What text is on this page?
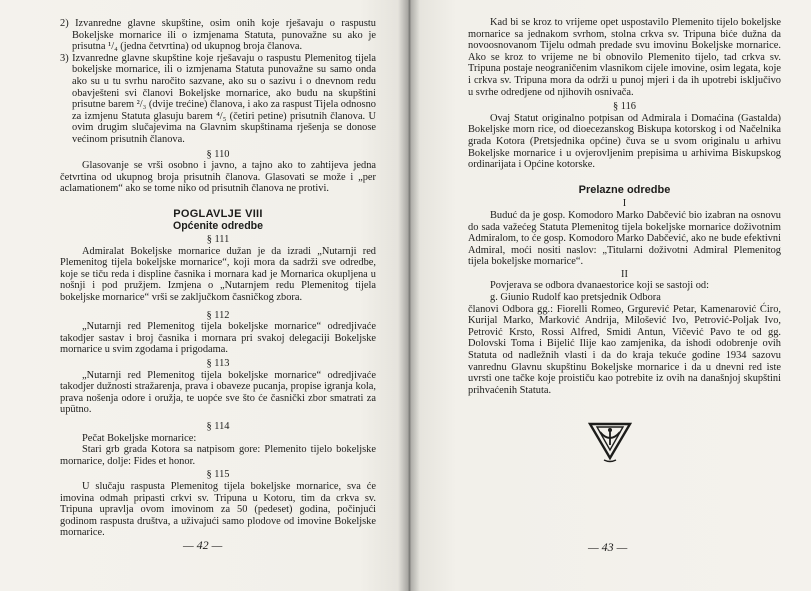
2) Izvanredne glavne skupštine, osim onih koje rješavaju o raspustu Bokeljske mornarice ili o izmjenama Statuta, punovažne su ako je prisutna ¹/₄ (jedna četvrtina) od ukupnog broja članova.

3) Izvanredne glavne skupštine koje rješavaju o raspustu Plemenitog tijela bokeljske mornarice, ili o izmjenama Statuta punovažne su samo onda ako su u tu svrhu naročito sazvane, ako su o sazivu i o dnevnom redu obavješteni svi članovi Bokeljske mornarice, ako budu na skupštini prisutne barem ²/₃ (dvije trećine) članova, i ako za raspust Tijela odnosno za izmjenu Statuta glasuju barem ⁴/₅ (četiri petine) prisutnih članova. U ovim drugim slučajevima na Glavnim skupštinama rješenja se donose većinom prisutnih članova.

§ 110

Glasovanje se vrši osobno i javno, a tajno ako to zahtijeva jedna četvrtina od ukupnog broja prisutnih članova. Glasovati se može i „per aclamationem“ ako se tome niko od prisutnih članova ne protivi.

POGLAVLJE VIII

Općenite odredbe

§ 111

Admiralat Bokeljske mornarice dužan je da izradi „Nutarnji red Plemenitog tijela bokeljske mornarice“, koji mora da sadrži sve odredbe, koje se tiču reda i displine časnika i mornara kad je Mornarica okupljena u nošnji i pod pružjem. Izmjena o „Nutarnjem redu Plemenitog tijela bokeljske mornarice“ vrši se zaključkom časničkog zbora.

§ 112

„Nutarnji red Plemenitog tijela bokeljske mornarice“ odredjivaće takodjer sastav i broj časnika i mornara pri svakoj delegaciji Bokeljske mornarice u svim zgodama i prigodama.

§ 113

„Nutarnji red Plemenitog tijela bokeljske mornarice“ odredjivaće takodjer dužnosti stražarenja, prava i obaveze pucanja, propise igranja kola, prava nošenja odore i oružja, te uopće sve što će časnički zbor smatrati za upütno.

§ 114

Pečat Bokeljske mornarice:

Stari grb grada Kotora sa natpisom gore: Plemenito tijelo bokeljske mornarice, dolje: Fides et honor.

§ 115

U slučaju raspusta Plemenitog tijela bokeljske mornarice, sva će imovina odmah pripasti crkvi sv. Tripuna u Kotoru, tim da crkva sv. Tripuna upravlja ovom imovinom za 50 (pedeset) godina, počinjući godinom raspusta društva, a uživajući samo plodove od imovine Bokeljske mornarice.

— 42 —

Kad bi se kroz to vrijeme opet uspostavilo Plemenito tijelo bokeljske mornarice sa jednakom svrhom, stolna crkva sv. Tripuna biće dužna da novoosnovanom Tijelu odmah predade svu imovinu Bokeljske mornarice. Ako se kroz to vrijeme ne bi obnovilo Plemenito tijelo, tad crkva sv. Tripuna postaje neograničenim vlasnikom cijele imovine, osim legata, koje i crkva sv. Tripuna mora da održi u punoj mjeri i da ih upotrebi isključivo u svrhe odredjene od njihovih osnivača.

§ 116

Ovaj Statut originalno potpisan od Admirala i Domaćina (Gastalda) Bokeljske morn rice, od dioecezanskog Biskupa kotorskog i od Načelnika grada Kotora (Pretsjednika općine) čuva se u svom originalu u arhivu Bokeljske mornarice i u ovjerovljenim prepisima u arhivima Biskupskog ordinarijata i Općine kotorske.

Prelazne odredbe

I

Buduć da je gosp. Komodoro Marko Dabčević bio izabran na osnovu do sada važećeg Statuta Plemenitog tijela bokeljske mornarice doživotnim Admiralom, to će gosp. Komodoro Marko Dabčević, ako ne bude efektivni Admiral, moći nositi naslov: „Titularni doživotni Admiral Plemenitog tijela bokeljske mornarice“.

II

Povjerava se odbora dvanaestorice koji se sastoji od:

g. Giunio Rudolf kao pretsjednik Odbora

članovi Odbora gg.: Fiorelli Romeo, Grgurević Petar, Kamenarović Ćiro, Kurijal Marko, Marković Andrija, Milošević Ivo, Petrović-Poljak Ivo, Petrović Krsto, Rossi Alfred, Smidi Antun, Vičević Pavo te od gg. Dolovski Toma i Bijelić Ilije kao zamjenika, da ishodi odobrenje ovih Statuta od nadležnih vlasti i da do kraja tekuće godine 1934 sazovu vanrednu Glavnu skupštinu Bokeljske mornarice i da u dnevni red iste uvrsti one tačke koje proističu kao potrebite iz ovih na današnjoj skupštini prihvaćenih Statuta.

— 43 —
